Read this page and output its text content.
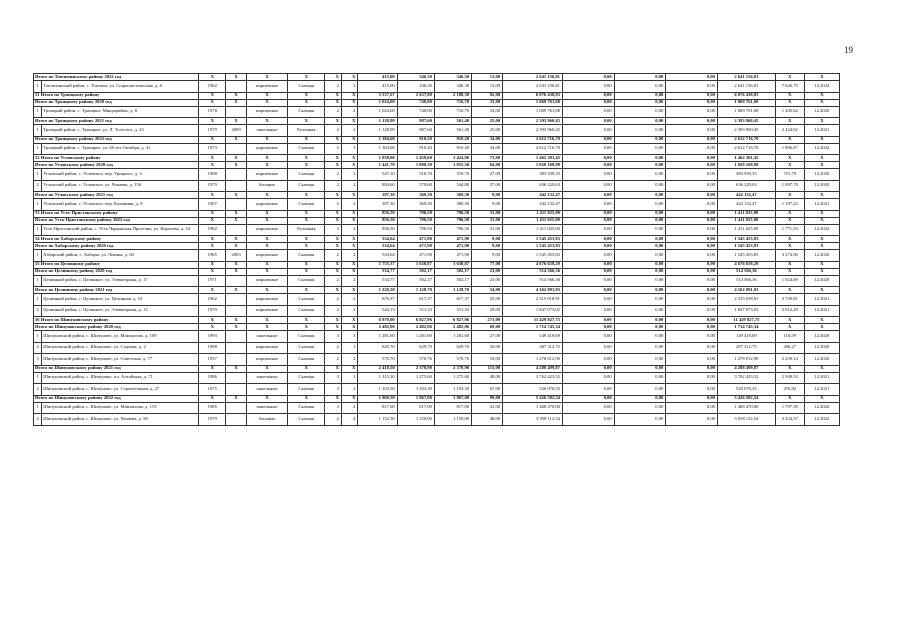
19
Итого по Топчихинскому району 2022 год		X	X	X	X	X	X	415,00	346,30	346,30	13,00	2 641 156,81	0,00	0,00	0,00	2 641 156,81	X	X
1	Топчихинский район, с. Топчиха, ул. Социалистическая, д. 6	1962		кирпичные	Скатная	2	2	415,00	346,30	346,30	13,00	2 641 156,81	0,00	0,00	0,00	2 641 156,81	7 626,79	12.2022
51 Итого по Троицкому району		X	X	X	X	X	X	3 537,67	2 637,80	2 188,30	92,00	6 076 438,83	0,00	0,00	0,00	6 076 438,83	X	X
Итого по Троицкому району 2020 год		X	X	X	X	X	X	1 024,00	740,00	716,70	33,00	1 069 761,68	0,00	0,00	0,00	1 069 761,68	X	X
1	Троицкий район, с. Троицкое, Микрорайон, д. 8	1978		кирпичные	Скатная	2	2	1 024,00	740,00	716,70	33,00	1 069 761,68	0,00	0,00	0,00	1 069 761,68	1 445,62	12.2020
Итого по Троицкому району 2021 год		X	X	X	X	X	X	1 128,99	987,60	561,40	25,00	2 393 960,45	0,00	0,00	0,00	2 393 960,45	X	X
1	Троицкий район, с. Троицкое, ул. Л. Толстого, д. 23	1979	2009	панельные	Рулонная	2	2	1 128,99	987,60	561,40	25,00	2 393 960,45	0,00	0,00	0,00	2 393 960,45	2 424,02	12.2021
Итого по Троицкому району 2022 год		X	X	X	X	X	X	1 384,68	910,20	910,20	34,00	2 612 716,70	0,00	0,00	0,00	2 612 716,70	X	X
1	Троицкий район, с. Троицкое, ул. 60 лет Октября, д. 41	1973		кирпичные	Скатная	2	3	1 384,68	910,20	910,20	34,00	2 612 716,70	0,00	0,00	0,00	2 612 716,70	1 886,87	12.2022
52 Итого по Угловскому району		X	X	X	X	X	X	1 839,00	1 459,60	1 424,80	73,00	1 462 301,45	0,00	0,00	0,00	1 462 301,45	X	X
Итого по Угловскому району 2020 год		X	X	X	X	X	X	1 441,70	1 090,30	1 055,50	64,00	1 020 168,98	0,00	0,00	0,00	1 020 168,98	X	X
1	Угловский район, с. Угловское, пер. Урицкого, д. 3	1988		кирпичные	Скатная	2	2	547,10	510,70	510,70	27,00	383 939,35	0,00	0,00	0,00	383 939,35	751,79	12.2020
2	Угловский район, с. Угловское, ул. Чапаева, д. 156	1979		блочные	Скатная	2	2	894,60	579,60	544,80	37,00	636 229,63	0,00	0,00	0,00	636 229,63	1 097,70	12.2020
Итого по Угловскому району 2021 год		X	X	X	X	X	X	397,30	369,30	369,30	9,00	442 132,47	0,00	0,00	0,00	442 132,47	X	X
1	Угловский район, с. Угловское, пер. Калинина, д. 8	1967		кирпичные	Скатная	2	2	397,30	369,30	369,30	9,00	442 132,47	0,00	0,00	0,00	442 132,47	1 197,22	12.2021
53 Итого по Усть-Пристанскому району		X	X	X	X	X	X	856,50	796,50	796,50	31,00	1 411 025,00	0,00	0,00	0,00	1 411 025,00	X	X
Итого по Усть-Пристанскому району 2022 год		X	X	X	X	X	X	856,50	796,50	796,50	31,00	1 411 025,00	0,00	0,00	0,00	1 411 025,00	X	X
1	Усть-Пристанский район, с. Усть-Чарышская Пристань, ул. Королева, д. 54	1982		кирпичные	Рулонная	3	2	856,50	796,50	796,50	31,00	1 411 025,00	0,00	0,00	0,00	1 411 025,00	1 771,53	12.2022
54 Итого по Хабарскому району		X	X	X	X	X	X	534,64	471,90	471,90	9,00	1 545 453,83	0,00	0,00	0,00	1 545 453,83	X	X
Итого по Хабарскому району 2020 год		X	X	X	X	X	X	534,64	471,90	471,90	9,00	1 545 453,83	0,00	0,00	0,00	1 545 453,83	X	X
1	Хабарский район, с. Хабары, ул. Ленина, д. 60	1965	2003	кирпичные	Скатная	2	2	534,64	471,90	471,90	9,00	1 545 453,83	0,00	0,00	0,00	1 545 453,83	3 274,96	12.2020
55 Итого по Целинному району		X	X	X	X	X	X	1 755,37	1 630,87	1 630,87	77,00	4 676 658,29	0,00	0,00	0,00	4 676 658,29	X	X
Итого по Целинному району 2020 год		X	X	X	X	X	X	534,77	502,17	502,17	23,00	514 566,36	0,00	0,00	0,00	514 566,36	X	X
1	Целинный район, с. Целинное, ул. Элеваторная, д. 17	1971		кирпичные	Скатная	2	2	534,77	502,17	502,17	23,00	514 566,36	0,00	0,00	0,00	514 566,36	1 024,69	12.2020
Итого по Целинному району 2021 год		X	X	X	X	X	X	1 220,50	1 128,70	1 128,70	54,00	4 162 091,93	0,00	0,00	0,00	4 162 091,93	X	X
1	Целинный район, с. Целинное, ул. Целинная, д. 10	1962		кирпичные	Скатная	2	2	676,37	617,37	617,37	25,00	2 315 018,91	0,00	0,00	0,00	2 315 018,91	3 749,81	12.2021
2	Целинный район, с. Целинное, ул. Элеваторная, д. 13	1970		кирпичные	Скатная	2	2	544,13	511,33	511,33	29,00	1 847 073,02	0,00	0,00	0,00	1 847 073,02	3 612,29	12.2021
56 Итого по Шипуновскому району		X	X	X	X	X	X	6 870,00	6 827,96	6 827,96	273,00	11 429 827,75	0,00	0,00	0,00	11 429 827,75	X	X
Итого по Шипуновскому району 2020 год		X	X	X	X	X	X	2 482,00	2 482,06	2 482,06	69,00	1 714 745,34	0,00	0,00	0,00	1 714 745,34	X	X
1	Шипуновский район, с. Шипуново, ул. Мамонтова, д. 109	1993		панельные	Скатная	3	3	1 281,60	1 281,60	1 281,60	27,00	149 419,69	0,00	0,00	0,00	149 419,69	116,59	12.2020
2	Шипуновский район, с. Шипуново, ул. Садовая, д. 2	1988		кирпичные	Скатная	2	1	629,70	629,70	629,70	32,00	287 312,75	0,00	0,00	0,00	287 312,75	456,27	12.2020
3	Шипуновский район, с. Шипуново, ул. Советская, д. 77	1937		кирпичные	Скатная	2	2	570,70	570,76	570,76	10,00	1 278 012,90	0,00	0,00	0,00	1 278 012,90	2 239,14	12.2020
Итого по Шипуновскому району 2021 год		X	X	X	X	X	X	2 418,50	2 378,90	2 378,90	115,00	4 288 499,87	0,00	0,00	0,00	4 288 499,87	X	X
1	Шипуновский район, с. Шипуново, пл. Алтайская, д. 71	1986		панельные	Скатная	3	3	1 315,20	1 275,60	1 275,60	48,00	3 762 423,52	0,00	0,00	0,00	3 762 423,52	2 949,53	12.2021
2	Шипуновский район, с. Шипуново, ул. Строительная, д. 27	1975		панельные	Скатная	3	2	1 103,30	1 103,30	1 103,30	67,00	526 076,35	0,00	0,00	0,00	526 076,35	476,82	12.2021
Итого по Шипуновскому району 2022 год		X	X	X	X	X	X	1 969,50	1 967,00	1 967,00	89,00	5 426 582,54	0,00	0,00	0,00	5 426 582,54	X	X
1	Шипуновский район, с. Шипуново, ул. Мамонтова, д. 119	1985		панельные	Скатная	3	2	817,00	817,00	817,00	41,00	1 468 470,00	0,00	0,00	0,00	1 468 470,00	1 797,39	12.2022
2	Шипуновский район, с. Шипуново, ул. Чапаева, д. 58	1979		блочные	Скатная	2	4	1 152,50	1 150,00	1 150,00	48,00	3 958 112,54	0,00	0,00	0,00	3 958 112,54	3 434,37	12.2022
